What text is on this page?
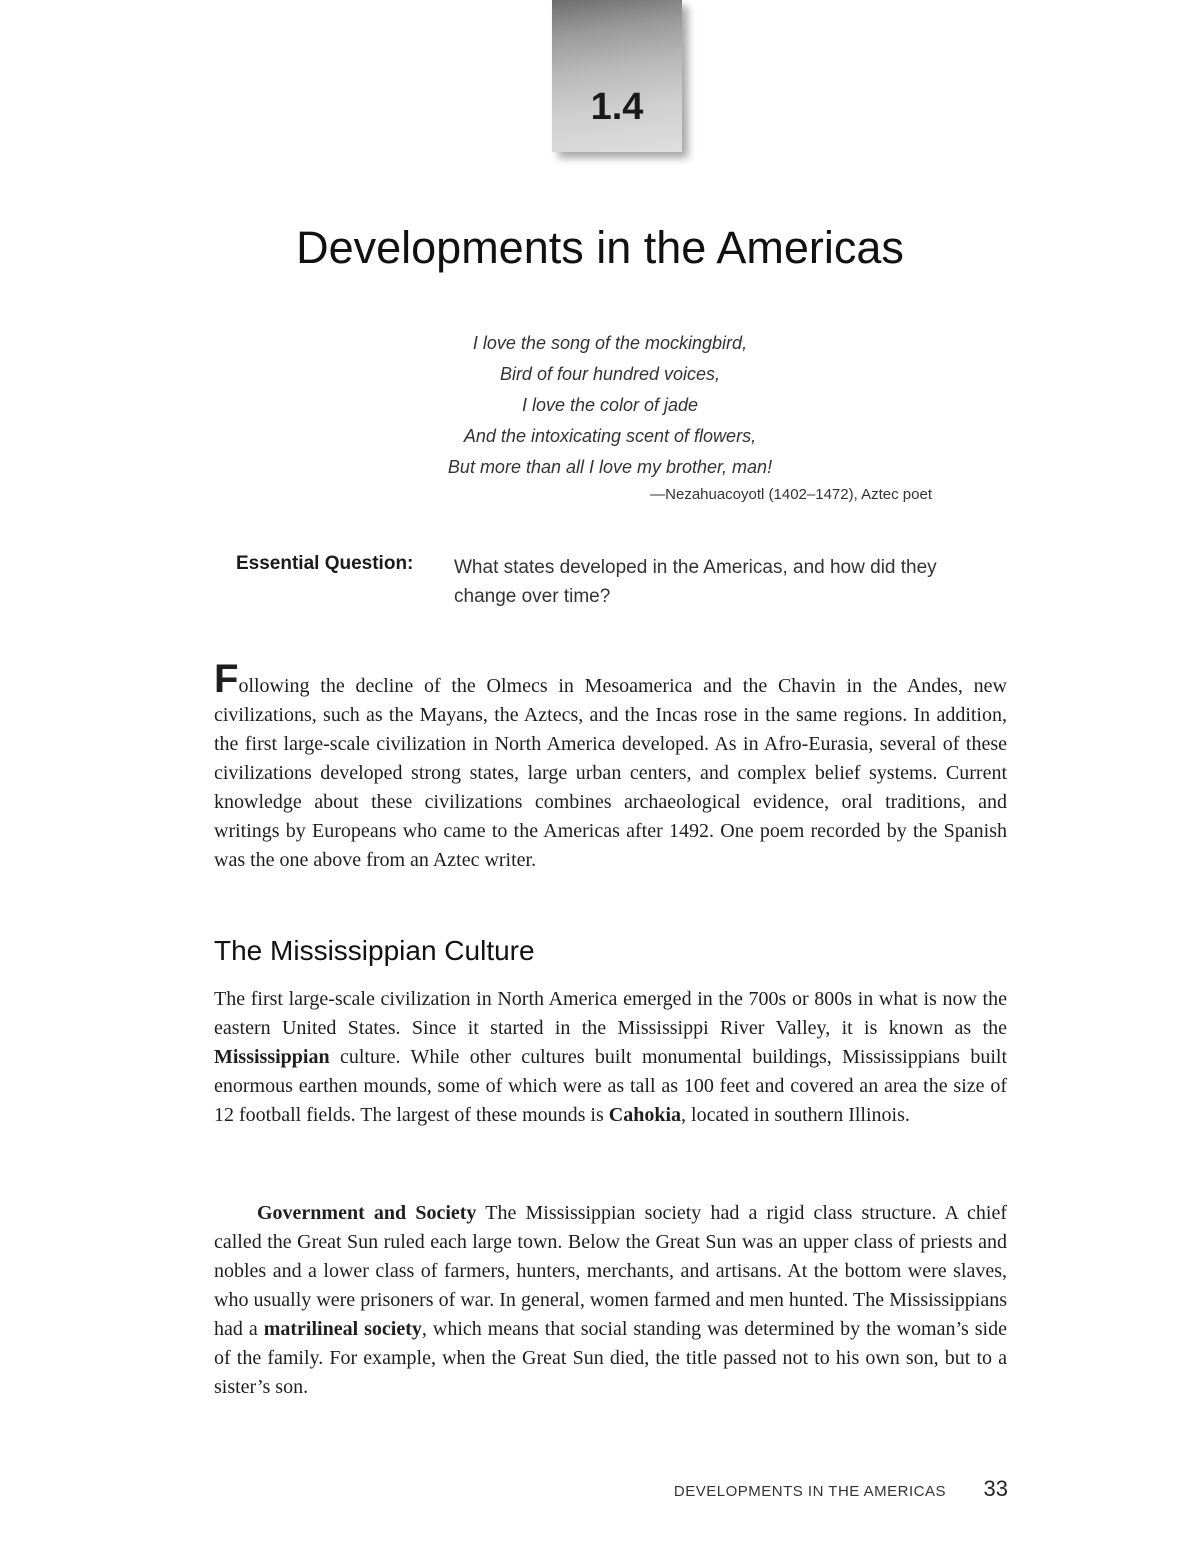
1.4
Developments in the Americas
I love the song of the mockingbird,
Bird of four hundred voices,
I love the color of jade
And the intoxicating scent of flowers,
But more than all I love my brother, man!
—Nezahuacoyotl (1402–1472), Aztec poet
Essential Question: What states developed in the Americas, and how did they change over time?

Following the decline of the Olmecs in Mesoamerica and the Chavin in the Andes, new civilizations, such as the Mayans, the Aztecs, and the Incas rose in the same regions. In addition, the first large-scale civilization in North America developed. As in Afro-Eurasia, several of these civilizations developed strong states, large urban centers, and complex belief systems. Current knowledge about these civilizations combines archaeological evidence, oral traditions, and writings by Europeans who came to the Americas after 1492. One poem recorded by the Spanish was the one above from an Aztec writer.

The Mississippian Culture

The first large-scale civilization in North America emerged in the 700s or 800s in what is now the eastern United States. Since it started in the Mississippi River Valley, it is known as the Mississippian culture. While other cultures built monumental buildings, Mississippians built enormous earthen mounds, some of which were as tall as 100 feet and covered an area the size of 12 football fields. The largest of these mounds is Cahokia, located in southern Illinois.

Government and Society The Mississippian society had a rigid class structure. A chief called the Great Sun ruled each large town. Below the Great Sun was an upper class of priests and nobles and a lower class of farmers, hunters, merchants, and artisans. At the bottom were slaves, who usually were prisoners of war. In general, women farmed and men hunted. The Mississippians had a matrilineal society, which means that social standing was determined by the woman’s side of the family. For example, when the Great Sun died, the title passed not to his own son, but to a sister’s son.

DEVELOPMENTS IN THE AMERICAS 33
